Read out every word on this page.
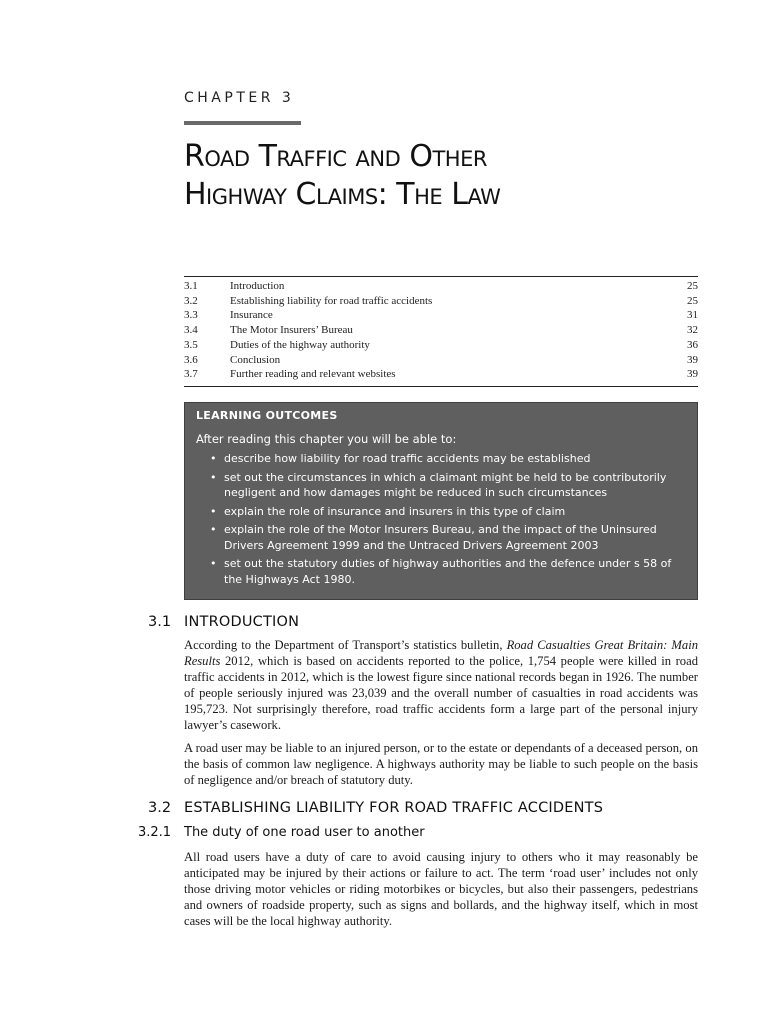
CHAPTER 3
Road Traffic and Other
Highway Claims: The Law
3.1	Introduction	25
3.2	Establishing liability for road traffic accidents	25
3.3	Insurance	31
3.4	The Motor Insurers’ Bureau	32
3.5	Duties of the highway authority	36
3.6	Conclusion	39
3.7	Further reading and relevant websites	39
LEARNING OUTCOMES
After reading this chapter you will be able to:
• describe how liability for road traffic accidents may be established
• set out the circumstances in which a claimant might be held to be contributorily negligent and how damages might be reduced in such circumstances
• explain the role of insurance and insurers in this type of claim
• explain the role of the Motor Insurers Bureau, and the impact of the Uninsured Drivers Agreement 1999 and the Untraced Drivers Agreement 2003
• set out the statutory duties of highway authorities and the defence under s 58 of the Highways Act 1980.
3.1 INTRODUCTION

According to the Department of Transport’s statistics bulletin, Road Casualties Great Britain: Main Results 2012, which is based on accidents reported to the police, 1,754 people were killed in road traffic accidents in 2012, which is the lowest figure since national records began in 1926. The number of people seriously injured was 23,039 and the overall number of casualties in road accidents was 195,723. Not surprisingly therefore, road traffic accidents form a large part of the personal injury lawyer’s casework.

A road user may be liable to an injured person, or to the estate or dependants of a deceased person, on the basis of common law negligence. A highways authority may be liable to such people on the basis of negligence and/or breach of statutory duty.

3.2 ESTABLISHING LIABILITY FOR ROAD TRAFFIC ACCIDENTS
3.2.1 The duty of one road user to another

All road users have a duty of care to avoid causing injury to others who it may reasonably be anticipated may be injured by their actions or failure to act. The term ‘road user’ includes not only those driving motor vehicles or riding motorbikes or bicycles, but also their passengers, pedestrians and owners of roadside property, such as signs and bollards, and the highway itself, which in most cases will be the local highway authority.
